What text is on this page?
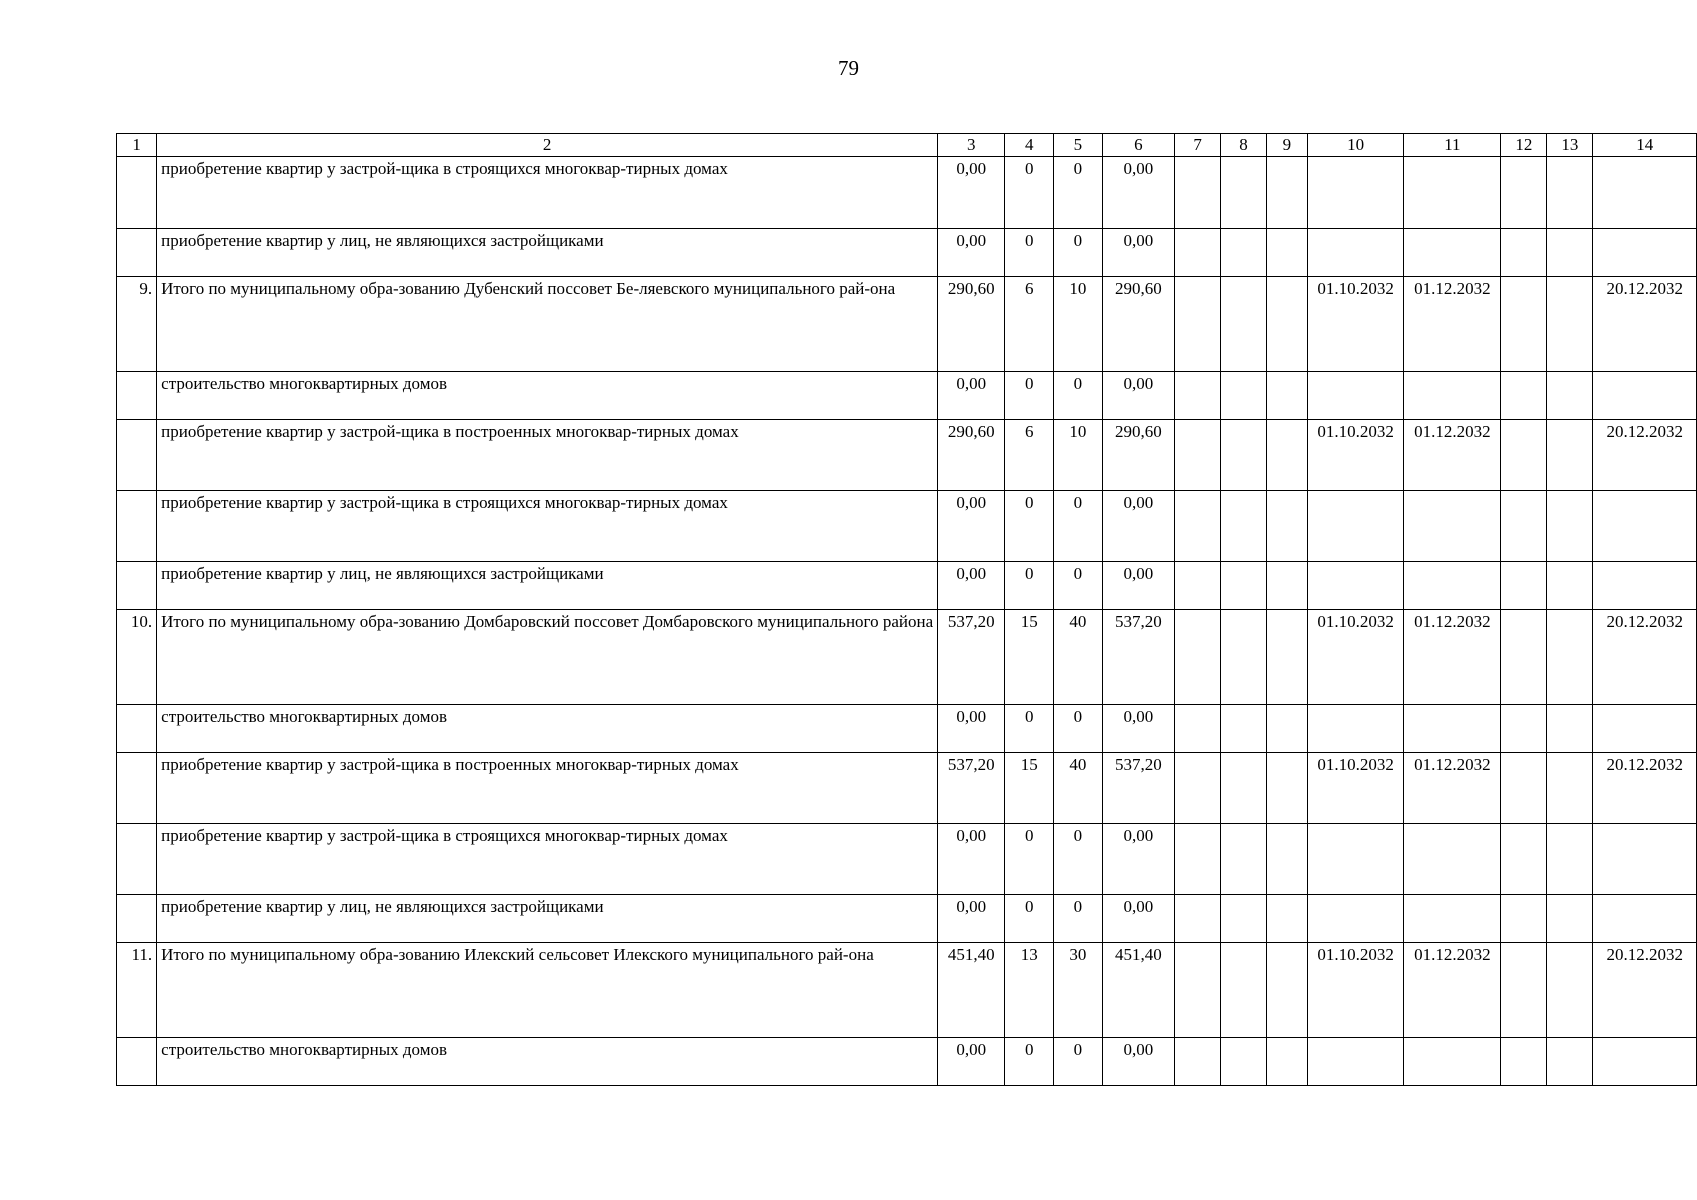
79
1	2	3	4	5	6	7	8	9	10	11	12	13	14
	приобретение квартир у застрой-щика в строящихся многоквар-тирных домах	0,00	0	0	0,00								
	приобретение квартир у лиц, не являющихся застройщиками	0,00	0	0	0,00								
9.	Итого по муниципальному обра-зованию Дубенский поссовет Бе-ляевского муниципального рай-она	290,60	6	10	290,60				01.10.2032	01.12.2032			20.12.2032
	строительство многоквартирных домов	0,00	0	0	0,00								
	приобретение квартир у застрой-щика в построенных многоквар-тирных домах	290,60	6	10	290,60				01.10.2032	01.12.2032			20.12.2032
	приобретение квартир у застрой-щика в строящихся многоквар-тирных домах	0,00	0	0	0,00								
	приобретение квартир у лиц, не являющихся застройщиками	0,00	0	0	0,00								
10.	Итого по муниципальному обра-зованию Домбаровский поссовет Домбаровского муниципального района	537,20	15	40	537,20				01.10.2032	01.12.2032			20.12.2032
	строительство многоквартирных домов	0,00	0	0	0,00								
	приобретение квартир у застрой-щика в построенных многоквар-тирных домах	537,20	15	40	537,20				01.10.2032	01.12.2032			20.12.2032
	приобретение квартир у застрой-щика в строящихся многоквар-тирных домах	0,00	0	0	0,00								
	приобретение квартир у лиц, не являющихся застройщиками	0,00	0	0	0,00								
11.	Итого по муниципальному обра-зованию Илекский сельсовет Илекского муниципального рай-она	451,40	13	30	451,40				01.10.2032	01.12.2032			20.12.2032
	строительство многоквартирных домов	0,00	0	0	0,00								
